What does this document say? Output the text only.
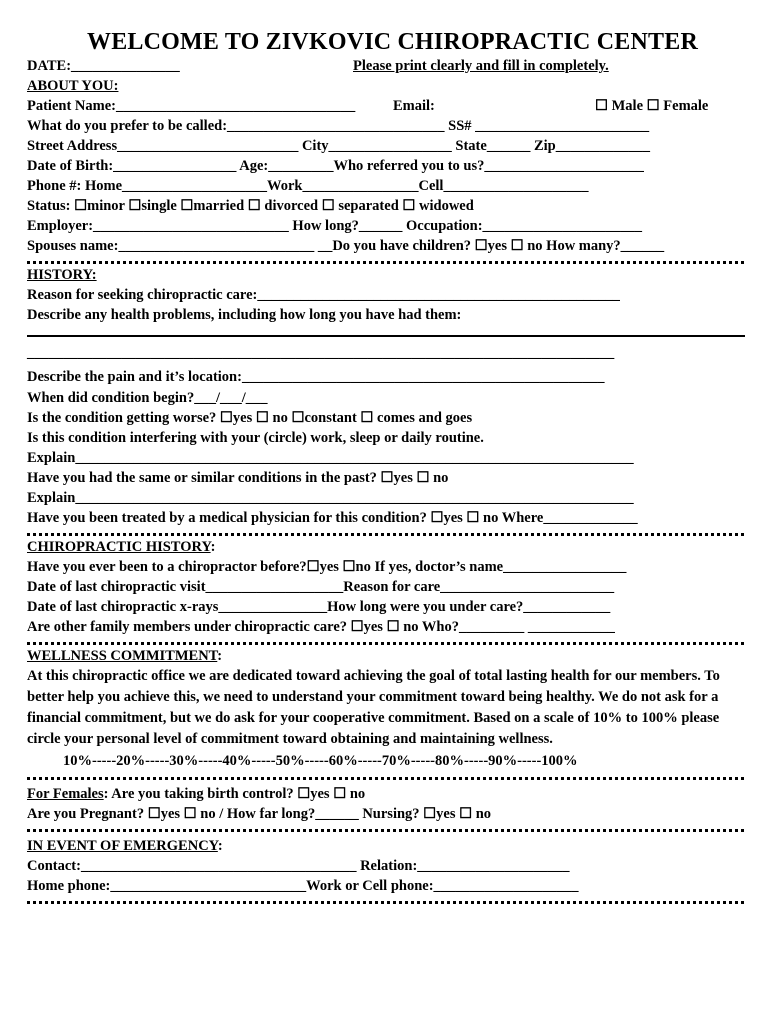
WELCOME TO ZIVKOVIC CHIROPRACTIC CENTER
DATE:_______________	Please print clearly and fill in completely.
ABOUT YOU:
Patient Name:_________________________________	Email:	☐ Male ☐ Female
What do you prefer to be called:______________________________ SS# ________________________
Street Address_________________________ City_________________ State______ Zip_____________
Date of Birth:_________________ Age:_________Who referred you to us?______________________
Phone #: Home____________________Work________________Cell____________________
Status: ☐minor ☐single ☐married ☐ divorced ☐ separated ☐ widowed
Employer:___________________________ How long?______ Occupation:______________________
Spouses name:___________________________ __Do you have children? ☐yes ☐ no How many?______
HISTORY:
Reason for seeking chiropractic care:__________________________________________________
Describe any health problems, including how long you have had them:
_________________________________________________________________________________
Describe the pain and it’s location:__________________________________________________
When did condition begin?___/___/___
Is the condition getting worse? ☐yes ☐ no ☐constant ☐ comes and goes
Is this condition interfering with your (circle) work, sleep or daily routine.
Explain_____________________________________________________________________________
Have you had the same or similar conditions in the past? ☐yes ☐ no
Explain_____________________________________________________________________________
Have you been treated by a medical physician for this condition? ☐yes ☐ no Where_____________
CHIROPRACTIC HISTORY:
Have you ever been to a chiropractor before?☐yes ☐no If yes, doctor’s name_________________
Date of last chiropractic visit___________________Reason for care________________________
Date of last chiropractic x-rays_______________How long were you under care?____________
Are other family members under chiropractic care? ☐yes ☐ no Who?_________ ____________
WELLNESS COMMITMENT:
At this chiropractic office we are dedicated toward achieving the goal of total lasting health for our members. To better help you achieve this, we need to understand your commitment toward being healthy. We do not ask for a financial commitment, but we do ask for your cooperative commitment. Based on a scale of 10% to 100% please circle your personal level of commitment toward obtaining and maintaining wellness.
10%-----20%-----30%-----40%-----50%-----60%-----70%-----80%-----90%-----100%
For Females: Are you taking birth control? ☐yes ☐ no
Are you Pregnant? ☐yes ☐ no / How far long?______ Nursing? ☐yes ☐ no
IN EVENT OF EMERGENCY:
Contact:______________________________________ Relation:_____________________
Home phone:___________________________Work or Cell phone:____________________
